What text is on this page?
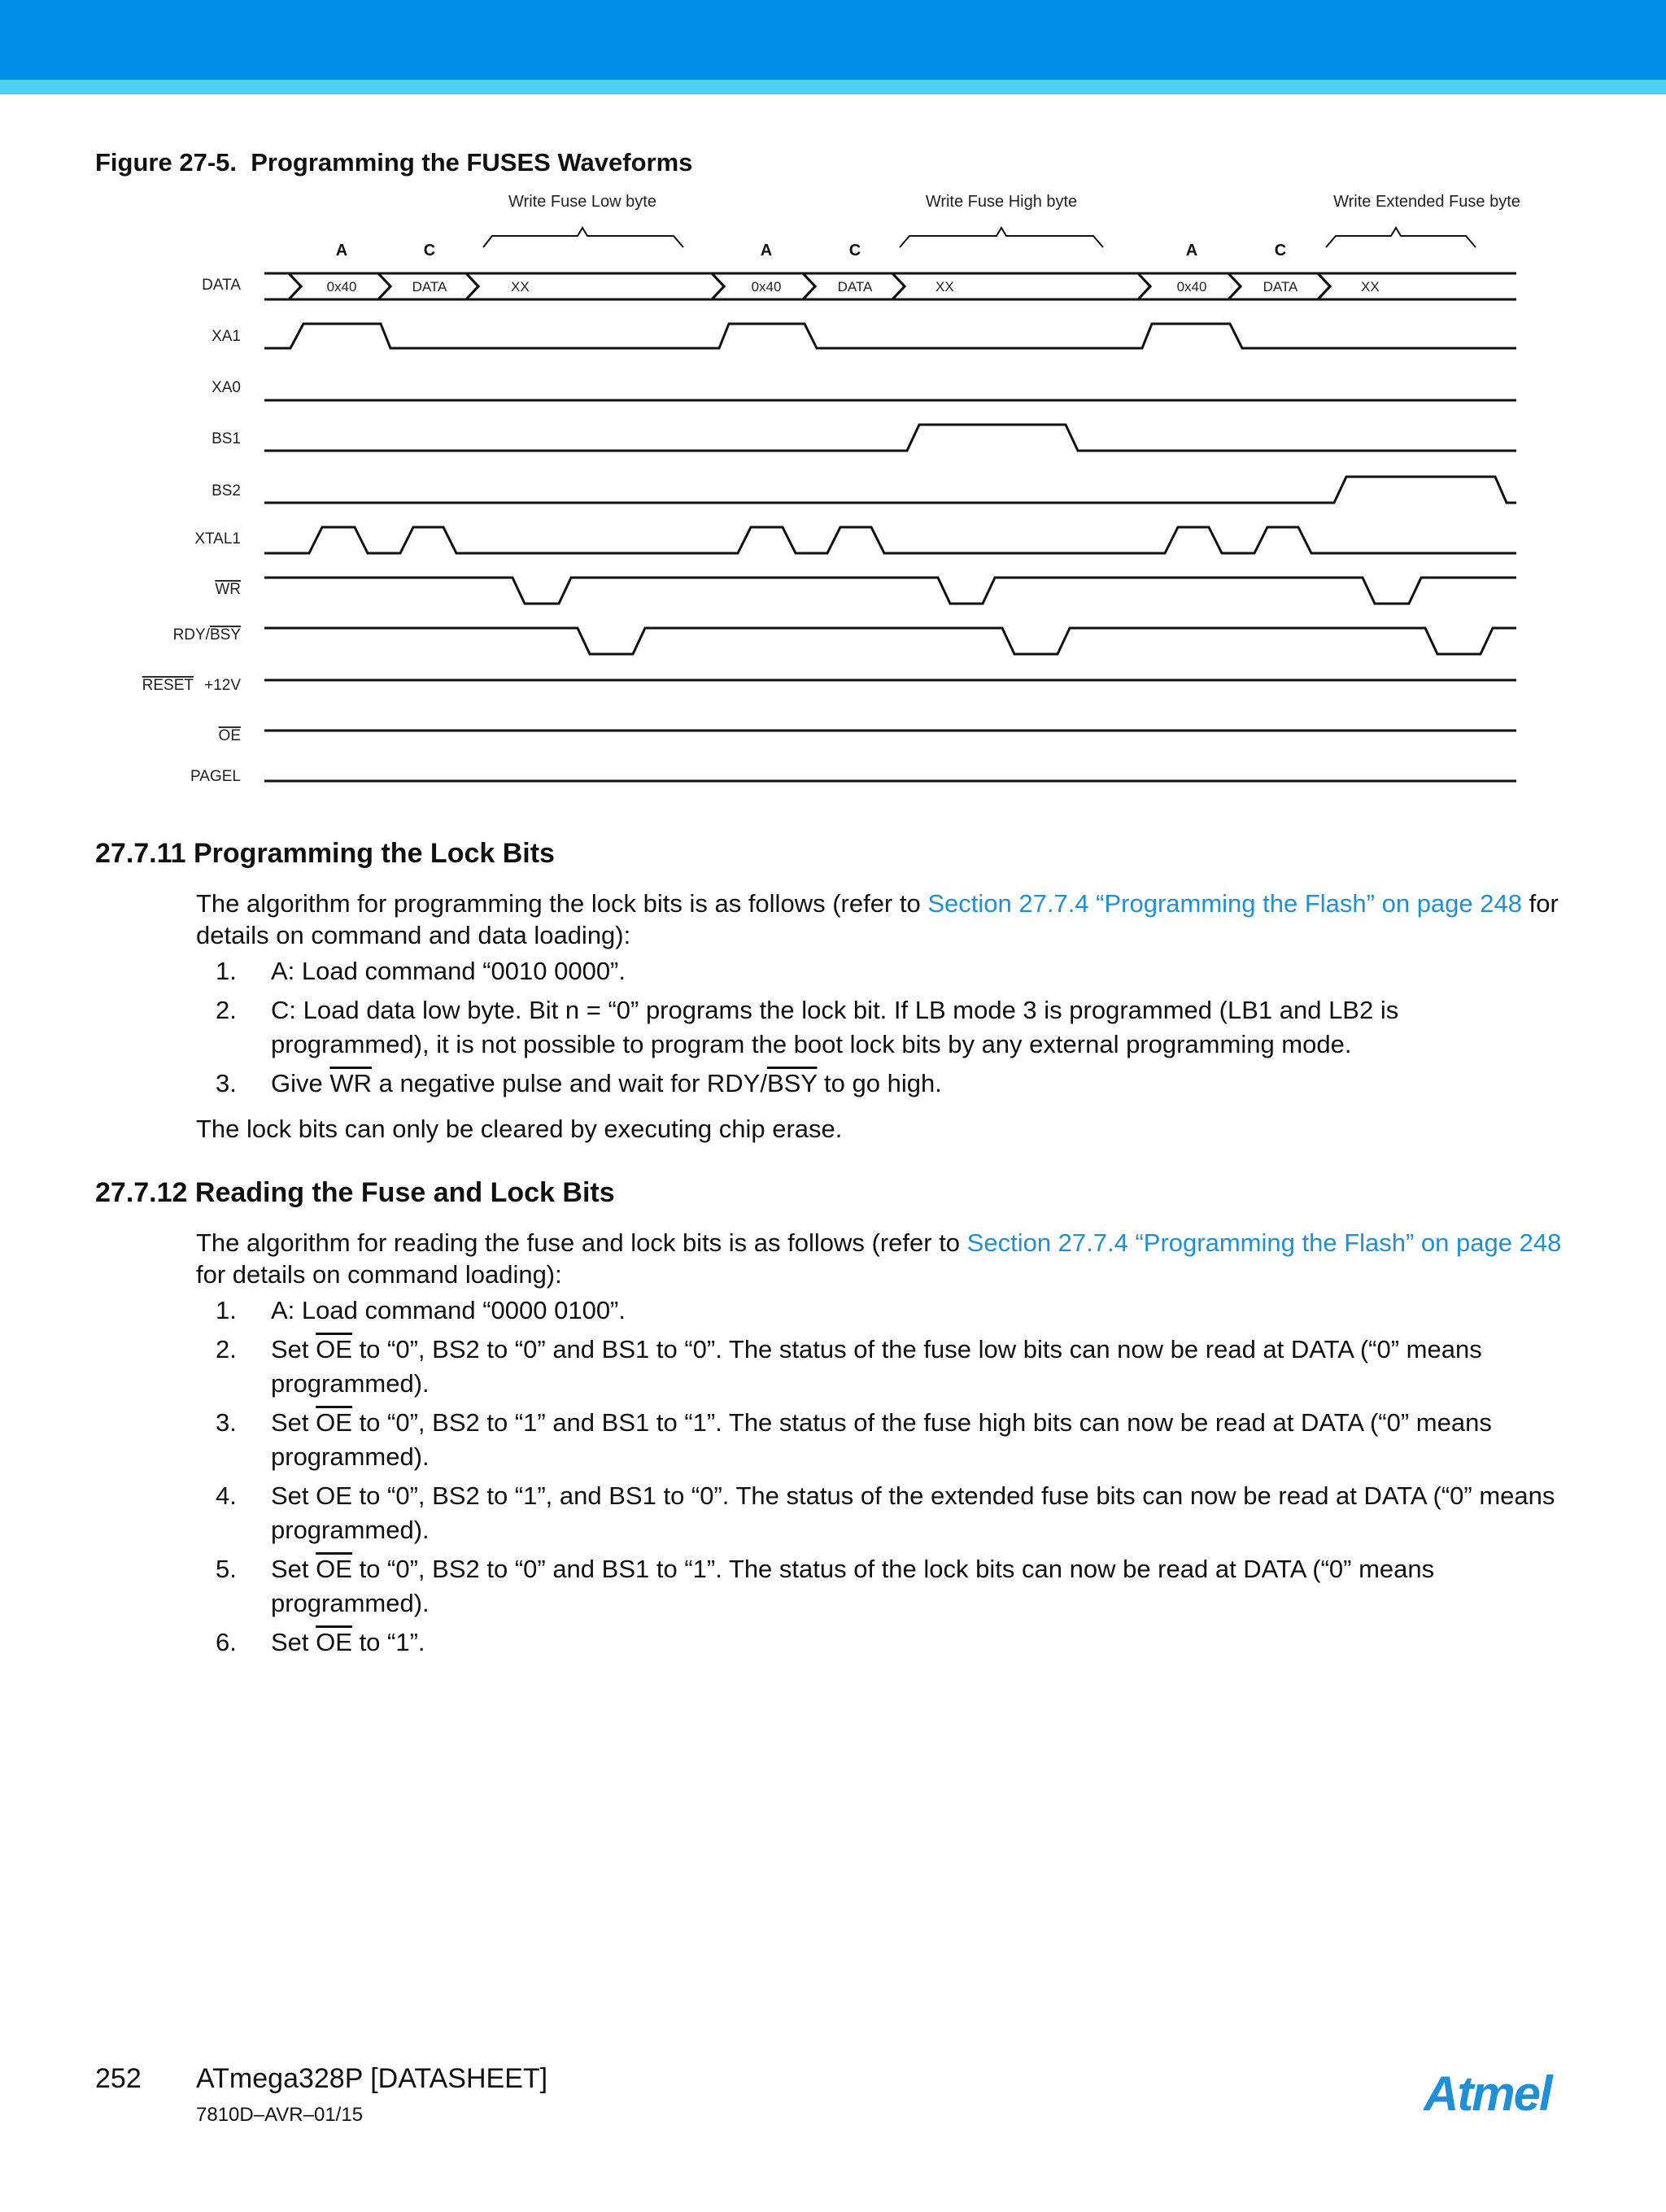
Figure 27-5.  Programming the FUSES Waveforms
Write Fuse Low byte	Write Fuse High byte	Write Extended Fuse byte
A	C	A	C	A	C
DATA
XA1
XA0
BS1
BS2
XTAL1
WR
RDY/BSY
RESET +12V
OE
PAGEL
0x40	DATA	XX	0x40	DATA	XX	0x40	DATA	XX
27.7.11 Programming the Lock Bits
The algorithm for programming the lock bits is as follows (refer to Section 27.7.4 “Programming the Flash” on page 248 for details on command and data loading):
1. A: Load command “0010 0000”.
2. C: Load data low byte. Bit n = “0” programs the lock bit. If LB mode 3 is programmed (LB1 and LB2 is programmed), it is not possible to program the boot lock bits by any external programming mode.
3. Give $\overline{WR}$ a negative pulse and wait for RDY/$\overline{BSY}$ to go high.
The lock bits can only be cleared by executing chip erase.
27.7.12 Reading the Fuse and Lock Bits
The algorithm for reading the fuse and lock bits is as follows (refer to Section 27.7.4 “Programming the Flash” on page 248 for details on command loading):
1. A: Load command “0000 0100”.
2. Set $\overline{OE}$ to “0”, BS2 to “0” and BS1 to “0”. The status of the fuse low bits can now be read at DATA (“0” means programmed).
3. Set $\overline{OE}$ to “0”, BS2 to “1” and BS1 to “1”. The status of the fuse high bits can now be read at DATA (“0” means programmed).
4. Set OE to “0”, BS2 to “1”, and BS1 to “0”. The status of the extended fuse bits can now be read at DATA (“0” means programmed).
5. Set $\overline{OE}$ to “0”, BS2 to “0” and BS1 to “1”. The status of the lock bits can now be read at DATA (“0” means programmed).
6. Set $\overline{OE}$ to “1”.
252 ATmega328P [DATASHEET]
7810D–AVR–01/15	Atmel
